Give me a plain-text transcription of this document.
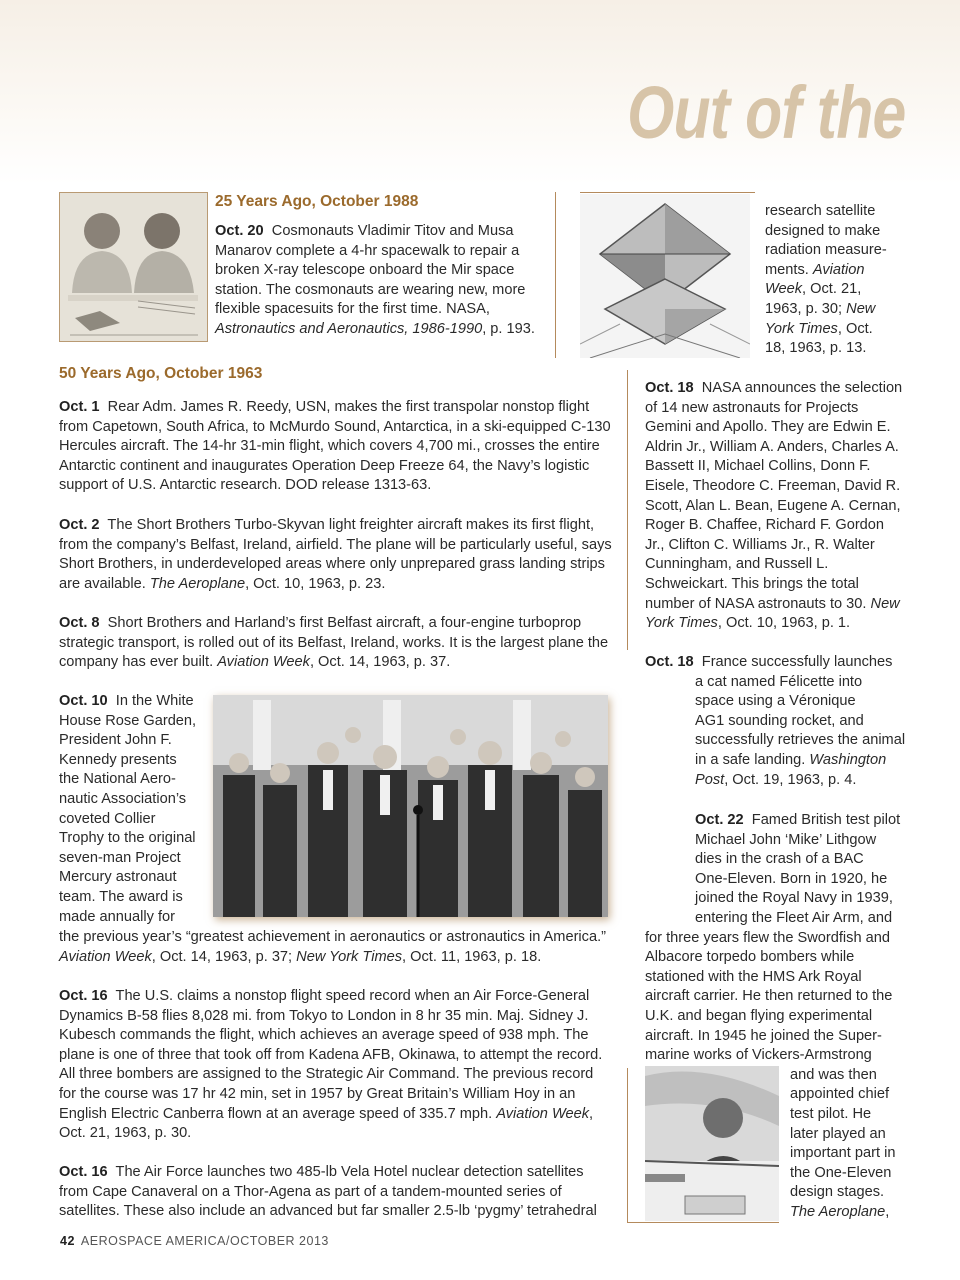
Out of the
25 Years Ago, October 1988
Oct. 20 Cosmonauts Vladimir Titov and Musa Manarov complete a 4-hr spacewalk to repair a broken X-ray telescope onboard the Mir space station. The cosmonauts are wearing new, more flexible spacesuits for the first time. NASA, Astronautics and Aeronautics, 1986-1990, p. 193.
research satellite
designed to make
radiation measure-
ments. Aviation
Week, Oct. 21,
1963, p. 30; New
York Times, Oct.
18, 1963, p. 13.
50 Years Ago, October 1963
Oct. 1 Rear Adm. James R. Reedy, USN, makes the first transpolar nonstop flight from Capetown, South Africa, to McMurdo Sound, Antarctica, in a ski-equipped C-130 Hercules aircraft. The 14-hr 31-min flight, which covers 4,700 mi., crosses the entire Antarctic continent and inaugurates Operation Deep Freeze 64, the Navy’s logistic support of U.S. Antarctic research. DOD release 1313-63.
Oct. 2 The Short Brothers Turbo-Skyvan light freighter aircraft makes its first flight, from the company’s Belfast, Ireland, airfield. The plane will be particularly useful, says Short Brothers, in underdeveloped areas where only unprepared grass landing strips are available. The Aeroplane, Oct. 10, 1963, p. 23.
Oct. 8 Short Brothers and Harland’s first Belfast aircraft, a four-engine turboprop strategic transport, is rolled out of its Belfast, Ireland, works. It is the largest plane the company has ever built. Aviation Week, Oct. 14, 1963, p. 37.
Oct. 10 In the White
House Rose Garden,
President John F.
Kennedy presents
the National Aero-
nautic Association’s
coveted Collier
Trophy to the original
seven-man Project
Mercury astronaut
team. The award is
made annually for
the previous year’s “greatest achievement in aeronautics or astronautics in America.”
Aviation Week, Oct. 14, 1963, p. 37; New York Times, Oct. 11, 1963, p. 18.
Oct. 16 The U.S. claims a nonstop flight speed record when an Air Force-General Dynamics B-58 flies 8,028 mi. from Tokyo to London in 8 hr 35 min. Maj. Sidney J. Kubesch commands the flight, which achieves an average speed of 938 mph. The plane is one of three that took off from Kadena AFB, Okinawa, to attempt the record. All three bombers are assigned to the Strategic Air Command. The previous record for the course was 17 hr 42 min, set in 1957 by Great Britain’s William Hoy in an English Electric Canberra flown at an average speed of 335.7 mph. Aviation Week, Oct. 21, 1963, p. 30.
Oct. 16 The Air Force launches two 485-lb Vela Hotel nuclear detection satellites from Cape Canaveral on a Thor-Agena as part of a tandem-mounted series of satellites. These also include an advanced but far smaller 2.5-lb ‘pygmy’ tetrahedral
Oct. 18 NASA announces the selection of 14 new astronauts for Projects Gemini and Apollo. They are Edwin E. Aldrin Jr., William A. Anders, Charles A. Bassett II, Michael Collins, Donn F. Eisele, Theodore C. Freeman, David R. Scott, Alan L. Bean, Eugene A. Cernan, Roger B. Chaffee, Richard F. Gordon Jr., Clifton C. Williams Jr., R. Walter Cunningham, and Russell L. Schweickart. This brings the total number of NASA astronauts to 30. New York Times, Oct. 10, 1963, p. 1.
Oct. 18 France successfully launches
a cat named Félicette into
space using a Véronique
AG1 sounding rocket, and
successfully retrieves the animal
in a safe landing. Washington
Post, Oct. 19, 1963, p. 4.
Oct. 22 Famed British test pilot
Michael John ‘Mike’ Lithgow
dies in the crash of a BAC
One-Eleven. Born in 1920, he
joined the Royal Navy in 1939,
entering the Fleet Air Arm, and
for three years flew the Swordfish and Albacore torpedo bombers while stationed with the HMS Ark Royal aircraft carrier. He then returned to the U.K. and began flying experimental aircraft. In 1945 he joined the Super-marine works of Vickers-Armstrong
and was then
appointed chief
test pilot. He
later played an
important part in
the One-Eleven
design stages.
The Aeroplane,
42 AEROSPACE AMERICA/OCTOBER 2013
